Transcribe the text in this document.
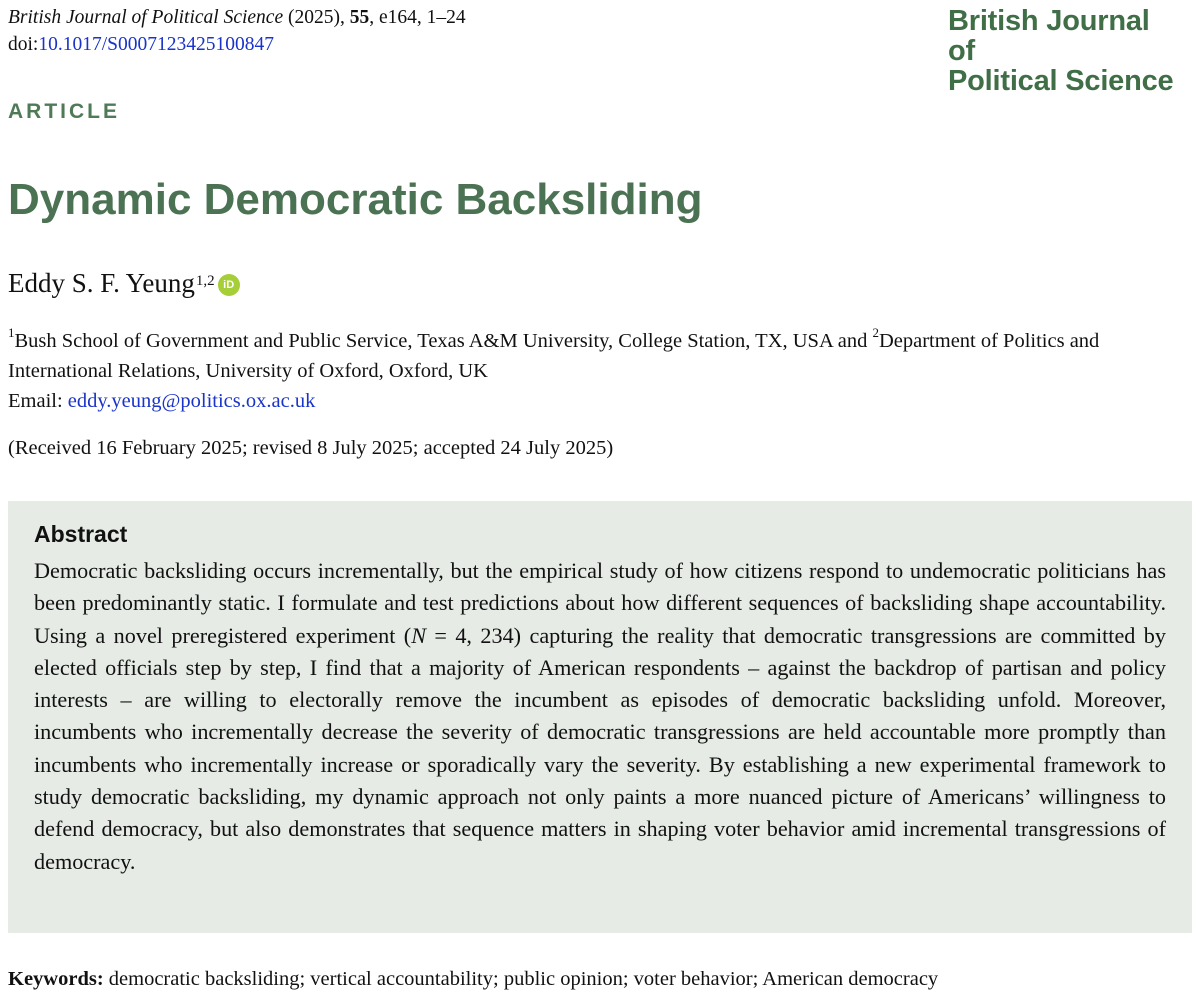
British Journal of Political Science (2025), 55, e164, 1–24
doi:10.1017/S0007123425100847
British Journal of
Political Science
ARTICLE
Dynamic Democratic Backsliding
Eddy S. F. Yeung$^{1,2}$ iD
$^1$Bush School of Government and Public Service, Texas A&M University, College Station, TX, USA and $^2$Department of Politics and International Relations, University of Oxford, Oxford, UK
Email: eddy.yeung@politics.ox.ac.uk
(Received 16 February 2025; revised 8 July 2025; accepted 24 July 2025)
Abstract

Democratic backsliding occurs incrementally, but the empirical study of how citizens respond to undemocratic politicians has been predominantly static. I formulate and test predictions about how different sequences of backsliding shape accountability. Using a novel preregistered experiment (N = 4, 234) capturing the reality that democratic transgressions are committed by elected officials step by step, I find that a majority of American respondents – against the backdrop of partisan and policy interests – are willing to electorally remove the incumbent as episodes of democratic backsliding unfold. Moreover, incumbents who incrementally decrease the severity of democratic transgressions are held accountable more promptly than incumbents who incrementally increase or sporadically vary the severity. By establishing a new experimental framework to study democratic backsliding, my dynamic approach not only paints a more nuanced picture of Americans’ willingness to defend democracy, but also demonstrates that sequence matters in shaping voter behavior amid incremental transgressions of democracy.

Keywords: democratic backsliding; vertical accountability; public opinion; voter behavior; American democracy
